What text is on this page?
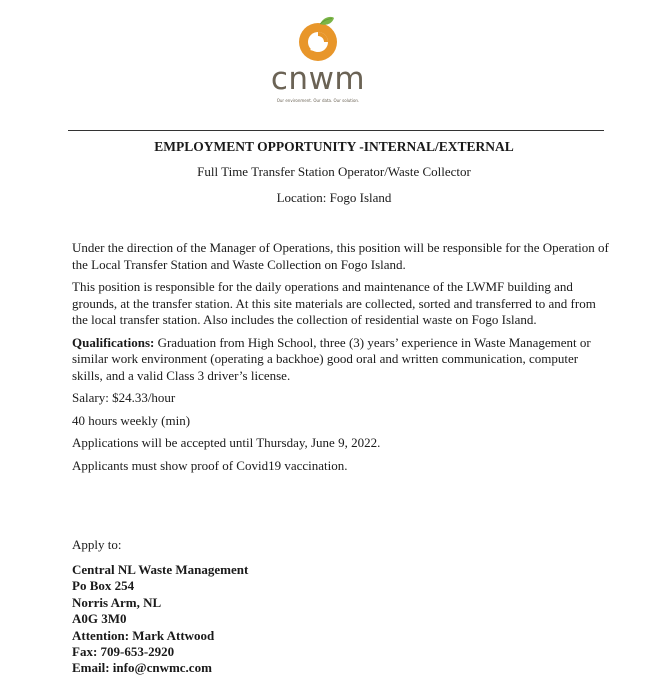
cnwm
Our environment. Our data. Our solution.
EMPLOYMENT OPPORTUNITY -INTERNAL/EXTERNAL
Full Time Transfer Station Operator/Waste Collector
Location: Fogo Island

Under the direction of the Manager of Operations, this position will be responsible for the Operation of the Local Transfer Station and Waste Collection on Fogo Island.

This position is responsible for the daily operations and maintenance of the LWMF building and grounds, at the transfer station. At this site materials are collected, sorted and transferred to and from the local transfer station. Also includes the collection of residential waste on Fogo Island.

Qualifications: Graduation from High School, three (3) years’ experience in Waste Management or similar work environment (operating a backhoe) good oral and written communication, computer skills, and a valid Class 3 driver’s license.

Salary: $24.33/hour

40 hours weekly (min)

Applications will be accepted until Thursday, June 9, 2022.

Applicants must show proof of Covid19 vaccination.

Apply to:
Central NL Waste Management
Po Box 254
Norris Arm, NL
A0G 3M0
Attention: Mark Attwood
Fax: 709-653-2920
Email: info@cnwmc.com
